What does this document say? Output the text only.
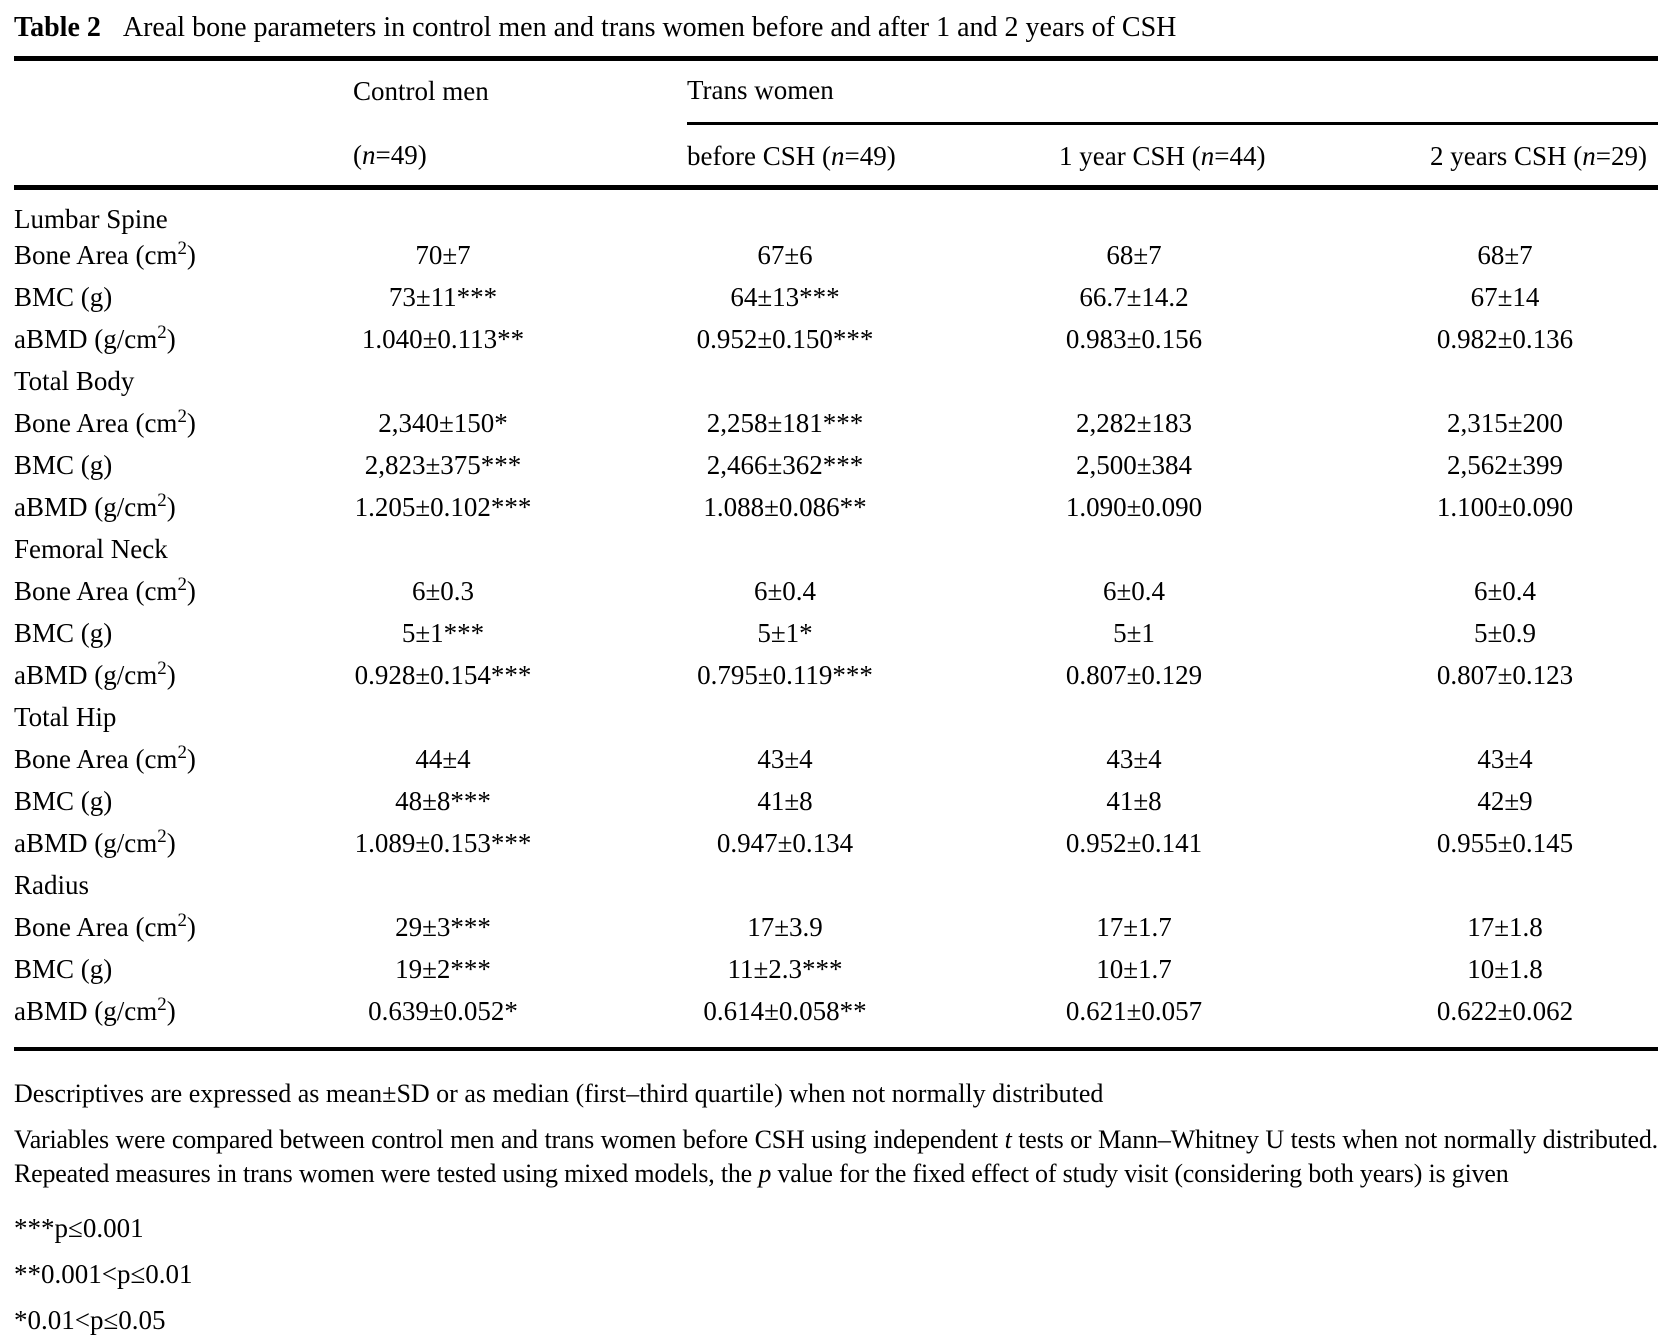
Table 2 Areal bone parameters in control men and trans women before and after 1 and 2 years of CSH
	Control men	Trans women		
	(n=49)	before CSH (n=49)	1 year CSH (n=44)	2 years CSH (n=29)
Lumbar Spine				
Bone Area $(cm^2)$	70±7	67±6	68±7	68±7
BMC (g)	73±11***	64±13***	66.7±14.2	67±14
aBMD $(g/cm^2)$	1.040±0.113**	0.952±0.150***	0.983±0.156	0.982±0.136
Total Body				
Bone Area $(cm^2)$	2,340±150*	2,258±181***	2,282±183	2,315±200
BMC (g)	2,823±375***	2,466±362***	2,500±384	2,562±399
aBMD $(g/cm^2)$	1.205±0.102***	1.088±0.086**	1.090±0.090	1.100±0.090
Femoral Neck				
Bone Area $(cm^2)$	6±0.3	6±0.4	6±0.4	6±0.4
BMC (g)	5±1***	5±1*	5±1	5±0.9
aBMD $(g/cm^2)$	0.928±0.154***	0.795±0.119***	0.807±0.129	0.807±0.123
Total Hip				
Bone Area $(cm^2)$	44±4	43±4	43±4	43±4
BMC (g)	48±8***	41±8	41±8	42±9
aBMD $(g/cm^2)$	1.089±0.153***	0.947±0.134	0.952±0.141	0.955±0.145
Radius				
Bone Area $(cm^2)$	29±3***	17±3.9	17±1.7	17±1.8
BMC (g)	19±2***	11±2.3***	10±1.7	10±1.8
aBMD $(g/cm^2)$	0.639±0.052*	0.614±0.058**	0.621±0.057	0.622±0.062
Descriptives are expressed as mean±SD or as median (first–third quartile) when not normally distributed
Variables were compared between control men and trans women before CSH using independent t tests or Mann–Whitney U tests when not normally distributed. Repeated measures in trans women were tested using mixed models, the p value for the fixed effect of study visit (considering both years) is given
***p≤0.001
**0.001<p≤0.01
*0.01<p≤0.05
